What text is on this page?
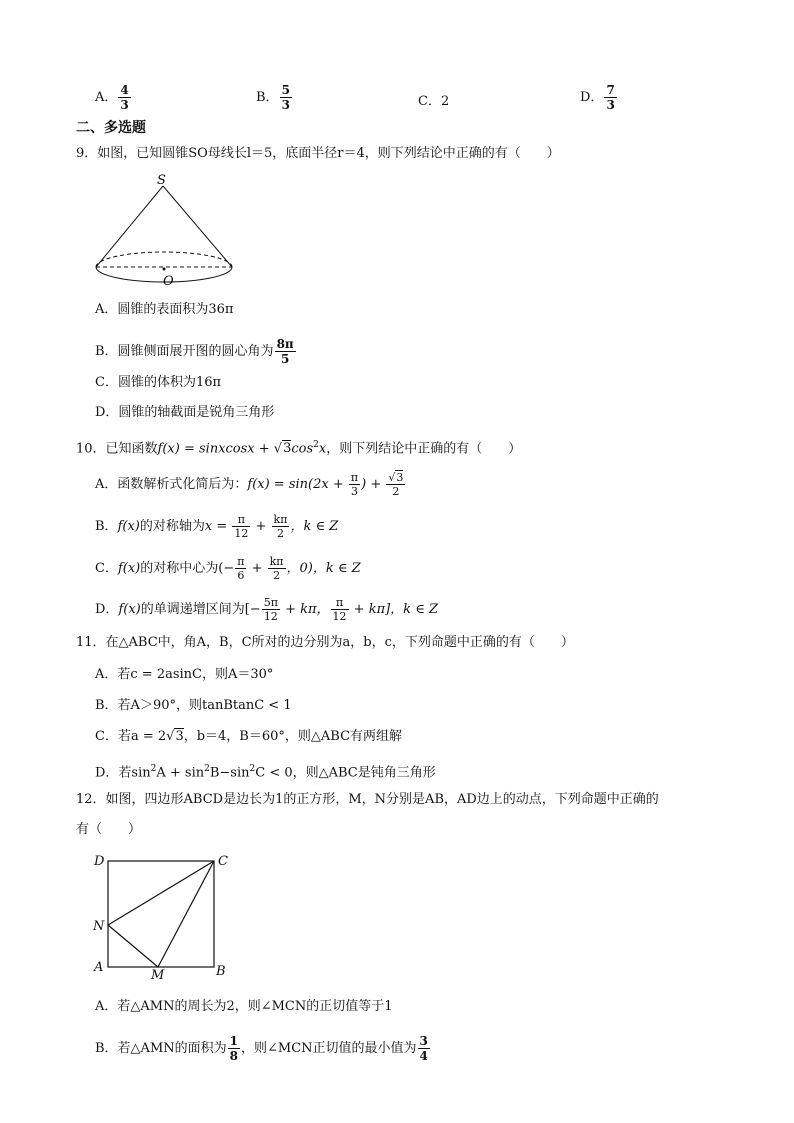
A． $\frac{4}{3}$	B． $\frac{5}{3}$	C．2	D． $\frac{7}{3}$
二、多选题
9．如图，已知圆锥SO母线长l＝5，底面半径r＝4，则下列结论中正确的有（　　）
S
O
A．圆锥的表面积为36π
B．圆锥侧面展开图的圆心角为 $\frac{8\pi}{5}$
C．圆锥的体积为16π
D．圆锥的轴截面是锐角三角形
10．已知函数f(x) = sinxcosx + $√3\cos^2x$，则下列结论中正确的有（　　）
A．函数解析式化简后为：$f(x) = \sin(2x + \frac{\pi}{3}$ ) + $\frac{√3}{2}$
B．f(x)的对称轴为$x = \frac{\pi}{12} + \frac{k\pi}{2}$ ，k ∈ Z
C．f(x)的对称中心为(− $\frac{\pi}{6} + \frac{k\pi}{2}$ ，0)，k ∈ Z
D．f(x)的单调递增区间为[− $\frac{5\pi}{12} + k\pi$， $\frac{\pi}{12} + k\pi$]，k ∈ Z
11．在△ABC中，角A，B，C所对的边分别为a，b，c，下列命题中正确的有（　　）
A．若c = 2asinC，则A＝30°
B．若A＞90°，则tanBtanC < 1
C．若a = 2√3，b＝4，B＝60°，则△ABC有两组解
D．若$\sin^2A + \sin^2B-\sin^2C < 0$，则△ABC是钝角三角形
12．如图，四边形ABCD是边长为1的正方形，M，N分别是AB，AD边上的动点，下列命题中正确的
有（　　）
D	C
N
A	B
M
A．若△AMN的周长为2，则∠MCN的正切值等于1
B．若△AMN的面积为 $\frac{1}{8}$ ，则∠MCN正切值的最小值为 $\frac{3}{4}$
